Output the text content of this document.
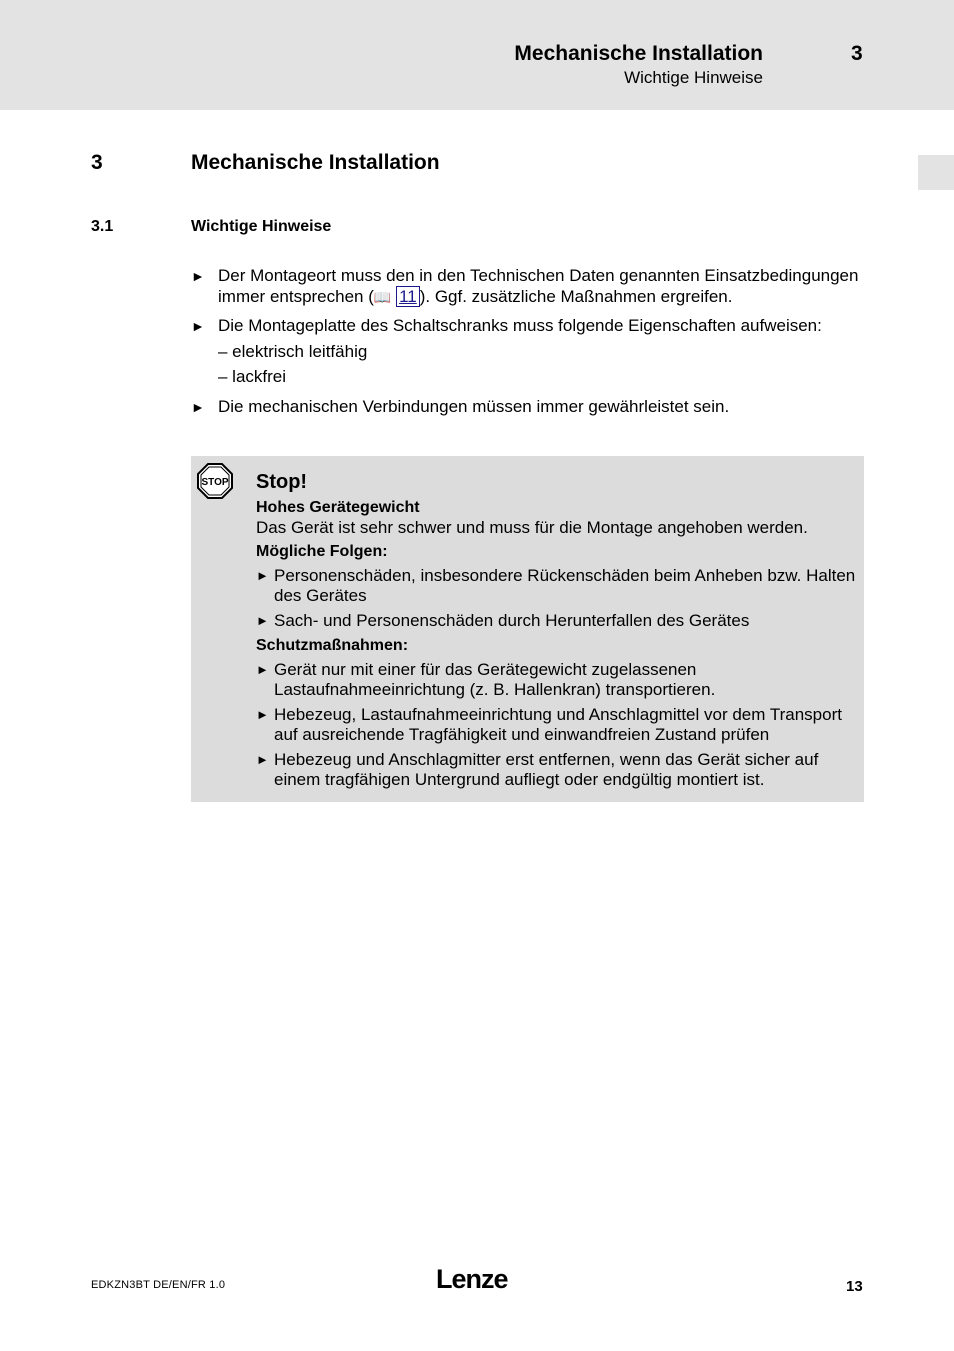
Mechanische Installation	3
Wichtige Hinweise
3	Mechanische Installation
3.1	Wichtige Hinweise
► Der Montageort muss den in den Technischen Daten genannten Einsatzbedingungen immer entsprechen (📖 11 ). Ggf. zusätzliche Maßnahmen ergreifen.
► Die Montageplatte des Schaltschranks muss folgende Eigenschaften aufweisen:
– elektrisch leitfähig
– lackfrei
► Die mechanischen Verbindungen müssen immer gewährleistet sein.
STOP Stop!
Hohes Gerätegewicht
Das Gerät ist sehr schwer und muss für die Montage angehoben werden.
Mögliche Folgen:
► Personenschäden, insbesondere Rückenschäden beim Anheben bzw. Halten des Gerätes
► Sach- und Personenschäden durch Herunterfallen des Gerätes
Schutzmaßnahmen:
► Gerät nur mit einer für das Gerätegewicht zugelassenen Lastaufnahmeeinrichtung (z. B. Hallenkran) transportieren.
► Hebezeug, Lastaufnahmeeinrichtung und Anschlagmittel vor dem Transport auf ausreichende Tragfähigkeit und einwandfreien Zustand prüfen
► Hebezeug und Anschlagmitter erst entfernen, wenn das Gerät sicher auf einem tragfähigen Untergrund aufliegt oder endgültig montiert ist.
EDKZN3BT DE/EN/FR 1.0	Lenze	13
